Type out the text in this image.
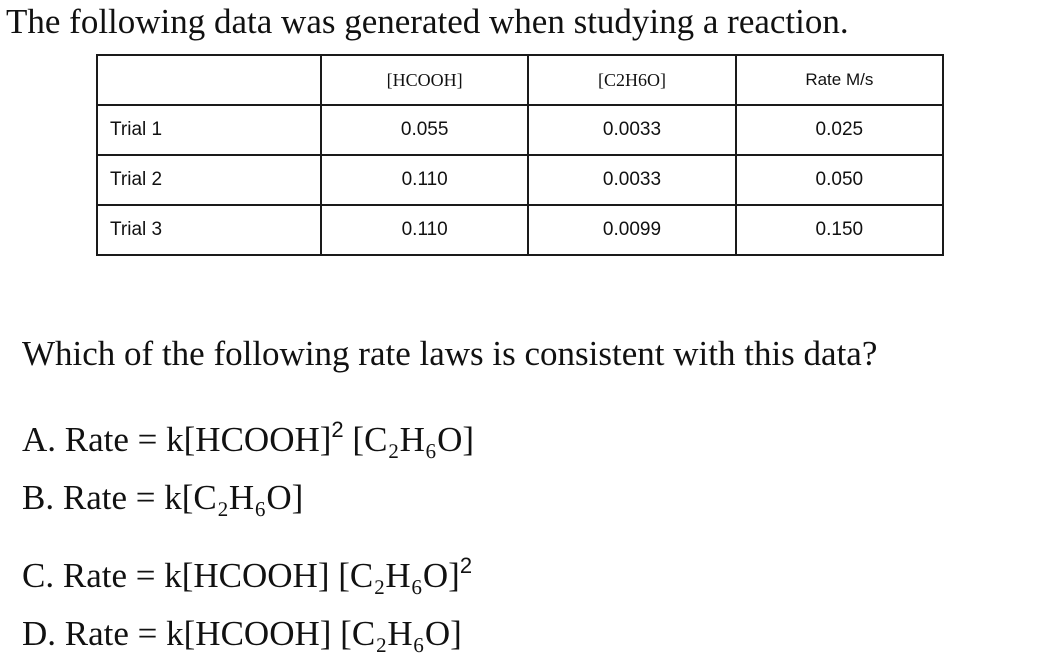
The following data was generated when studying a reaction.
	[HCOOH]	[C2H6O]	Rate M/s
Trial 1	0.055	0.0033	0.025
Trial 2	0.110	0.0033	0.050
Trial 3	0.110	0.0099	0.150
Which of the following rate laws is consistent with this data?
A. Rate = k[HCOOH]$^2$ [C₂H₆O]
B. Rate = k[C₂H₆O]
C. Rate = k[HCOOH] $[C_2H_6O]^2$
D. Rate = k[HCOOH] [C₂H₆O]
